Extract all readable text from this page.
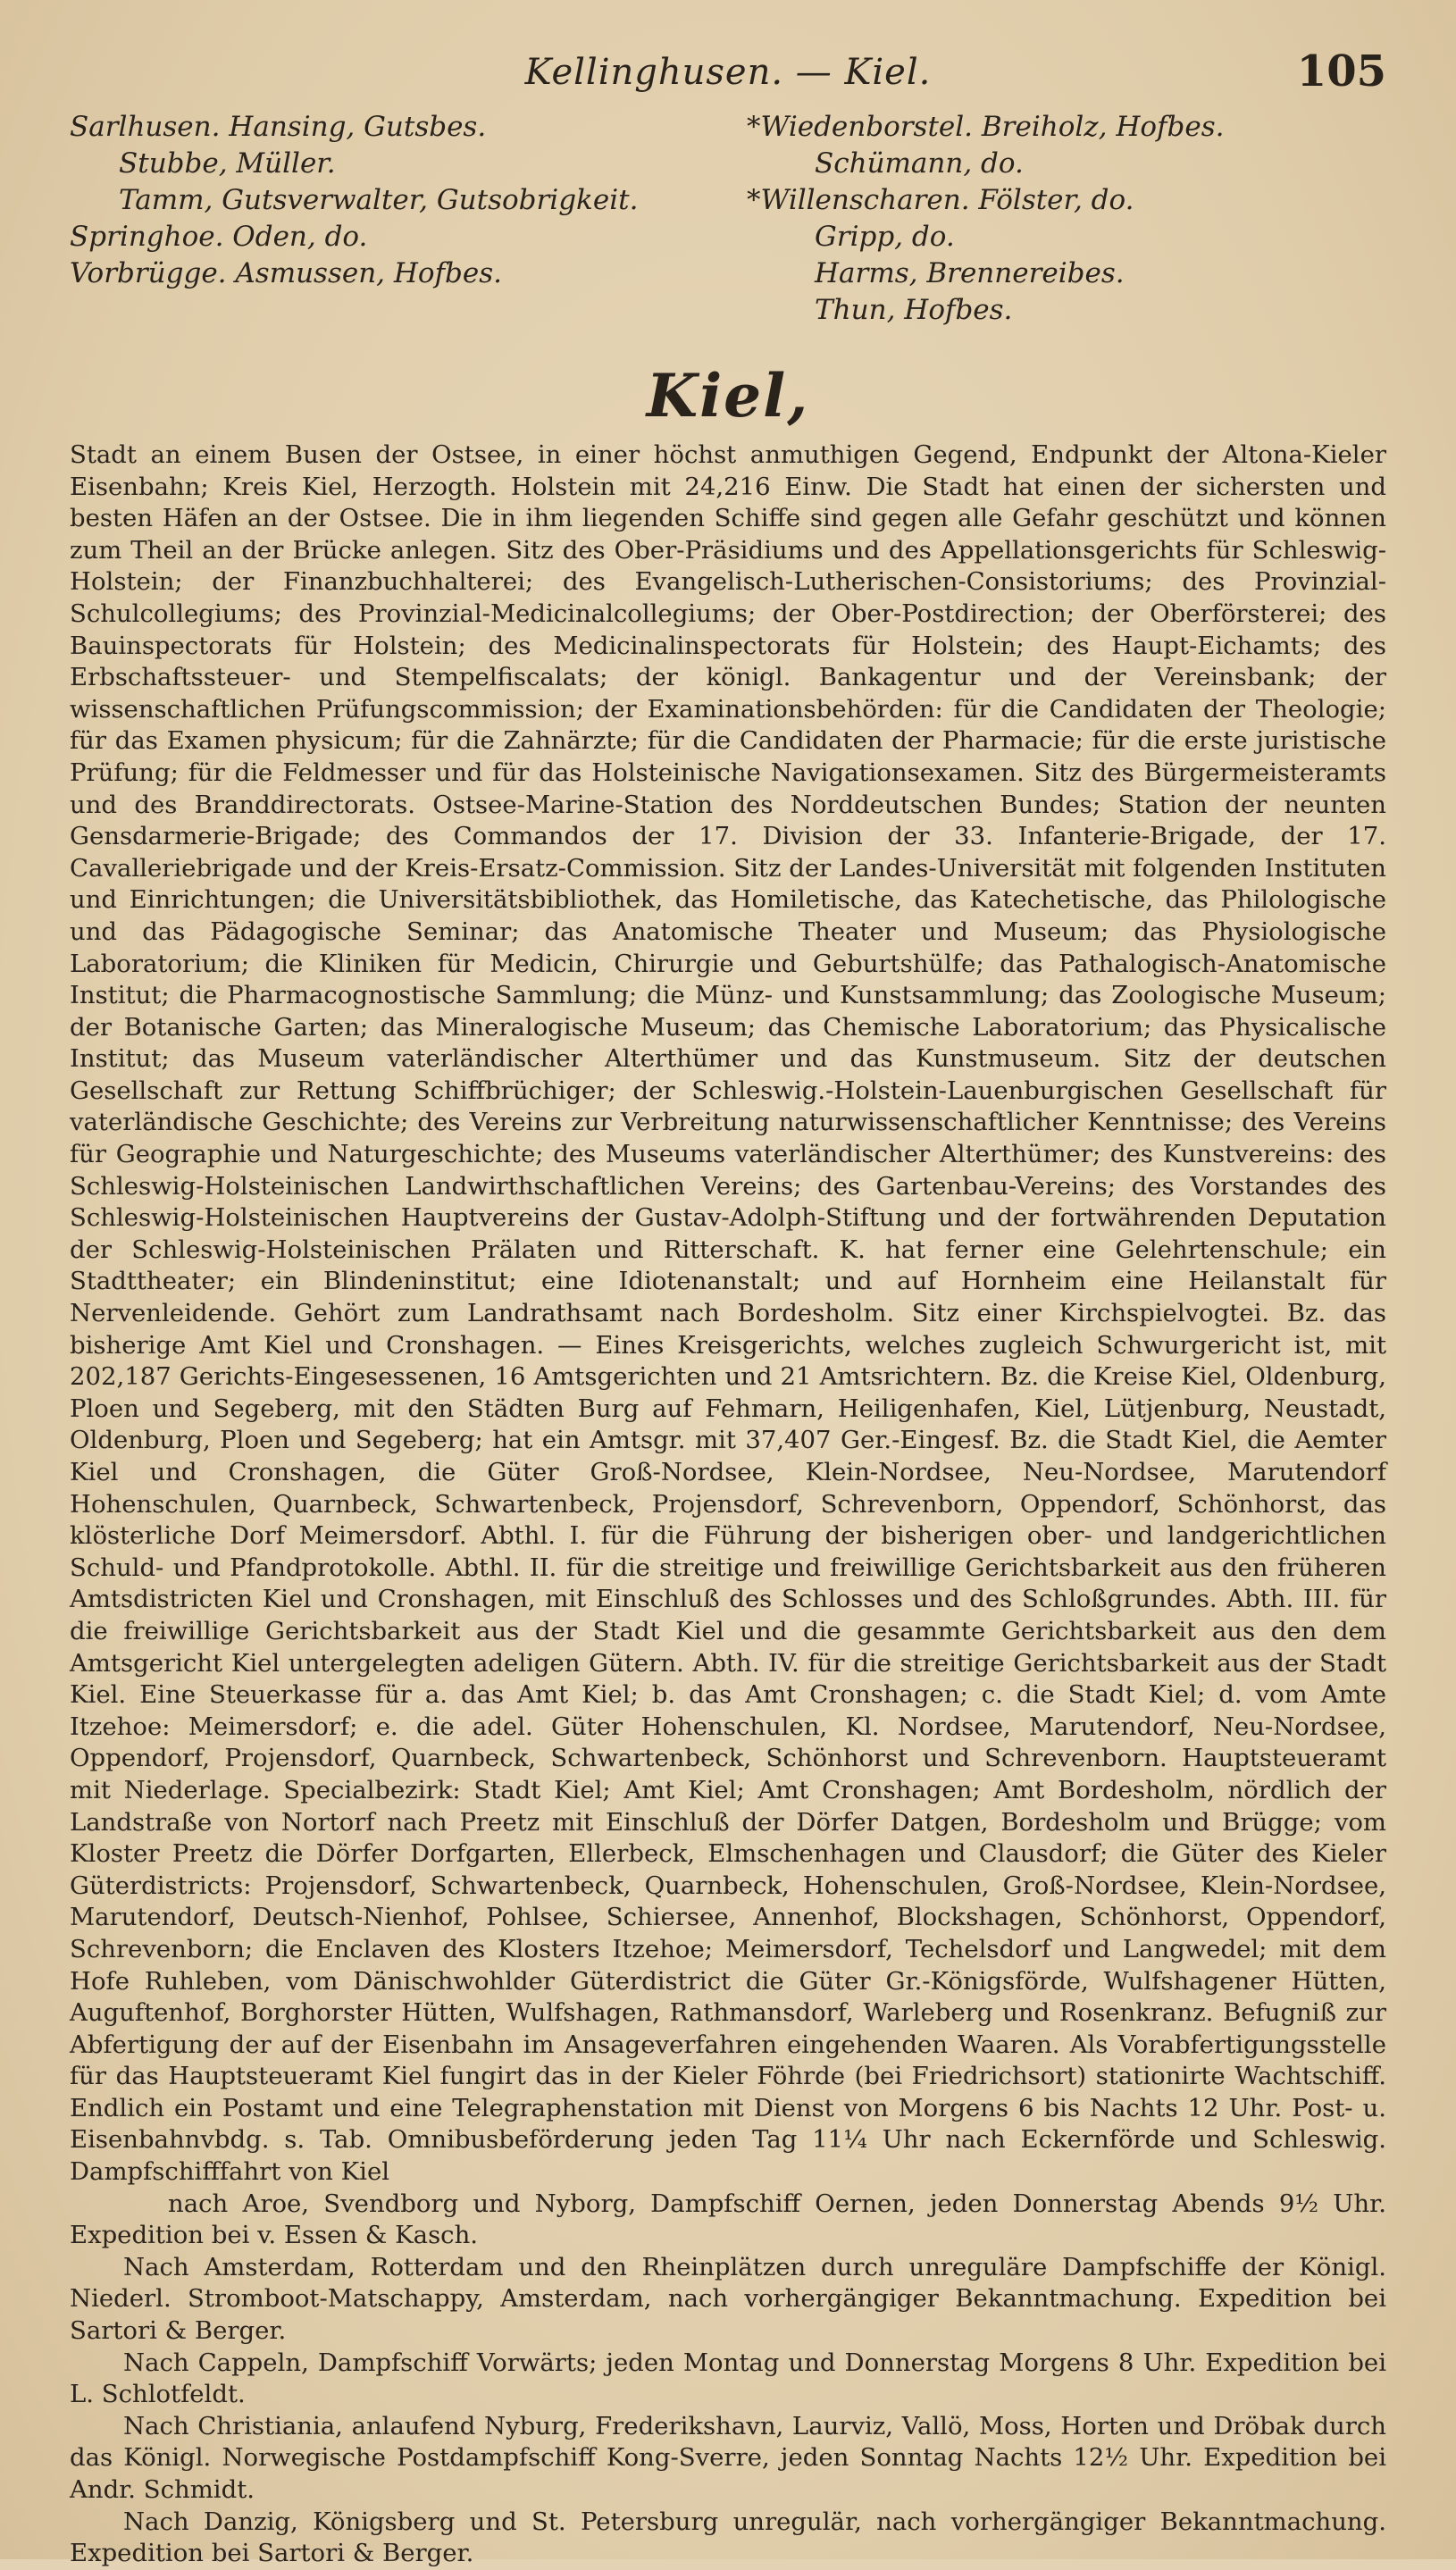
Kellinghusen. — Kiel.	105
Sarlhusen. Hansing, Gutsbes.
Stubbe, Müller.
Tamm, Gutsverwalter, Gutsobrigkeit.
Springhoe. Oden, do.
Vorbrügge. Asmussen, Hofbes.
*Wiedenborstel. Breiholz, Hofbes.
Schümann, do.
*Willenscharen. Fölster, do.
Gripp, do.
Harms, Brennereibes.
Thun, Hofbes.
Kiel,

Stadt an einem Busen der Ostsee, in einer höchst anmuthigen Gegend, Endpunkt der Altona-Kieler Eisenbahn; Kreis Kiel, Herzogth. Holstein mit 24,216 Einw. Die Stadt hat einen der sichersten und besten Häfen an der Ostsee. Die in ihm liegenden Schiffe sind gegen alle Gefahr geschützt und können zum Theil an der Brücke anlegen. Sitz des Ober-Präsidiums und des Appellationsgerichts für Schleswig-Holstein; der Finanzbuchhalterei; des Evangelisch-Lutherischen-Consistoriums; des Provinzial-Schulcollegiums; des Provinzial-Medicinalcollegiums; der Ober-Postdirection; der Oberförsterei; des Bauinspectorats für Holstein; des Medicinalinspectorats für Holstein; des Haupt-Eichamts; des Erbschaftssteuer- und Stempelfiscalats; der königl. Bankagentur und der Vereinsbank; der wissenschaftlichen Prüfungscommission; der Examinationsbehörden: für die Candidaten der Theologie; für das Examen physicum; für die Zahnärzte; für die Candidaten der Pharmacie; für die erste juristische Prüfung; für die Feldmesser und für das Holsteinische Navigationsexamen. Sitz des Bürgermeisteramts und des Branddirectorats. Ostsee-Marine-Station des Norddeutschen Bundes; Station der neunten Gensdarmerie-Brigade; des Commandos der 17. Division der 33. Infanterie-Brigade, der 17. Cavalleriebrigade und der Kreis-Ersatz-Commission. Sitz der Landes-Universität mit folgenden Instituten und Einrichtungen; die Universitätsbibliothek, das Homiletische, das Katechetische, das Philologische und das Pädagogische Seminar; das Anatomische Theater und Museum; das Physiologische Laboratorium; die Kliniken für Medicin, Chirurgie und Geburtshülfe; das Pathalogisch-Anatomische Institut; die Pharmacognostische Sammlung; die Münz- und Kunstsammlung; das Zoologische Museum; der Botanische Garten; das Mineralogische Museum; das Chemische Laboratorium; das Physicalische Institut; das Museum vaterländischer Alterthümer und das Kunstmuseum. Sitz der deutschen Gesellschaft zur Rettung Schiffbrüchiger; der Schleswig.-Holstein-Lauenburgischen Gesellschaft für vaterländische Geschichte; des Vereins zur Verbreitung naturwissenschaftlicher Kenntnisse; des Vereins für Geographie und Naturgeschichte; des Museums vaterländischer Alterthümer; des Kunstvereins: des Schleswig-Holsteinischen Landwirthschaftlichen Vereins; des Gartenbau-Vereins; des Vorstandes des Schleswig-Holsteinischen Hauptvereins der Gustav-Adolph-Stiftung und der fortwährenden Deputation der Schleswig-Holsteinischen Prälaten und Ritterschaft. K. hat ferner eine Gelehrtenschule; ein Stadttheater; ein Blindeninstitut; eine Idiotenanstalt; und auf Hornheim eine Heilanstalt für Nervenleidende. Gehört zum Landrathsamt nach Bordesholm. Sitz einer Kirchspielvogtei. Bz. das bisherige Amt Kiel und Cronshagen. — Eines Kreisgerichts, welches zugleich Schwurgericht ist, mit 202,187 Gerichts-Eingesessenen, 16 Amtsgerichten und 21 Amtsrichtern. Bz. die Kreise Kiel, Oldenburg, Ploen und Segeberg, mit den Städten Burg auf Fehmarn, Heiligenhafen, Kiel, Lütjenburg, Neustadt, Oldenburg, Ploen und Segeberg; hat ein Amtsgr. mit 37,407 Ger.-Eingesf. Bz. die Stadt Kiel, die Aemter Kiel und Cronshagen, die Güter Groß-Nordsee, Klein-Nordsee, Neu-Nordsee, Marutendorf Hohenschulen, Quarnbeck, Schwartenbeck, Projensdorf, Schrevenborn, Oppendorf, Schönhorst, das klösterliche Dorf Meimersdorf. Abthl. I. für die Führung der bisherigen ober- und landgerichtlichen Schuld- und Pfandprotokolle. Abthl. II. für die streitige und freiwillige Gerichtsbarkeit aus den früheren Amtsdistricten Kiel und Cronshagen, mit Einschluß des Schlosses und des Schloßgrundes. Abth. III. für die freiwillige Gerichtsbarkeit aus der Stadt Kiel und die gesammte Gerichtsbarkeit aus den dem Amtsgericht Kiel untergelegten adeligen Gütern. Abth. IV. für die streitige Gerichtsbarkeit aus der Stadt Kiel. Eine Steuerkasse für a. das Amt Kiel; b. das Amt Cronshagen; c. die Stadt Kiel; d. vom Amte Itzehoe: Meimersdorf; e. die adel. Güter Hohenschulen, Kl. Nordsee, Marutendorf, Neu-Nordsee, Oppendorf, Projensdorf, Quarnbeck, Schwartenbeck, Schönhorst und Schrevenborn. Hauptsteueramt mit Niederlage. Specialbezirk: Stadt Kiel; Amt Kiel; Amt Cronshagen; Amt Bordesholm, nördlich der Landstraße von Nortorf nach Preetz mit Einschluß der Dörfer Datgen, Bordesholm und Brügge; vom Kloster Preetz die Dörfer Dorfgarten, Ellerbeck, Elmschenhagen und Clausdorf; die Güter des Kieler Güterdistricts: Projensdorf, Schwartenbeck, Quarnbeck, Hohenschulen, Groß-Nordsee, Klein-Nordsee, Marutendorf, Deutsch-Nienhof, Pohlsee, Schiersee, Annenhof, Blockshagen, Schönhorst, Oppendorf, Schrevenborn; die Enclaven des Klosters Itzehoe; Meimersdorf, Techelsdorf und Langwedel; mit dem Hofe Ruhleben, vom Dänischwohlder Güterdistrict die Güter Gr.-Königsförde, Wulfshagener Hütten, Auguftenhof, Borghorster Hütten, Wulfshagen, Rathmansdorf, Warleberg und Rosenkranz. Befugniß zur Abfertigung der auf der Eisenbahn im Ansageverfahren eingehenden Waaren. Als Vorabfertigungsstelle für das Hauptsteueramt Kiel fungirt das in der Kieler Föhrde (bei Friedrichsort) stationirte Wachtschiff. Endlich ein Postamt und eine Telegraphenstation mit Dienst von Morgens 6 bis Nachts 12 Uhr. Post- u. Eisenbahnvbdg. s. Tab. Omnibusbeförderung jeden Tag 11¼ Uhr nach Eckernförde und Schleswig. Dampfschifffahrt von Kiel

nach Aroe, Svendborg und Nyborg, Dampfschiff Oernen, jeden Donnerstag Abends 9½ Uhr. Expedition bei v. Essen & Kasch.

Nach Amsterdam, Rotterdam und den Rheinplätzen durch unreguläre Dampfschiffe der Königl. Niederl. Stromboot-Matschappy, Amsterdam, nach vorhergängiger Bekanntmachung. Expedition bei Sartori & Berger.

Nach Cappeln, Dampfschiff Vorwärts; jeden Montag und Donnerstag Morgens 8 Uhr. Expedition bei L. Schlotfeldt.

Nach Christiania, anlaufend Nyburg, Frederikshavn, Laurviz, Vallö, Moss, Horten und Dröbak durch das Königl. Norwegische Postdampfschiff Kong-Sverre, jeden Sonntag Nachts 12½ Uhr. Expedition bei Andr. Schmidt.

Nach Danzig, Königsberg und St. Petersburg unregulär, nach vorhergängiger Bekanntmachung. Expedition bei Sartori & Berger.
